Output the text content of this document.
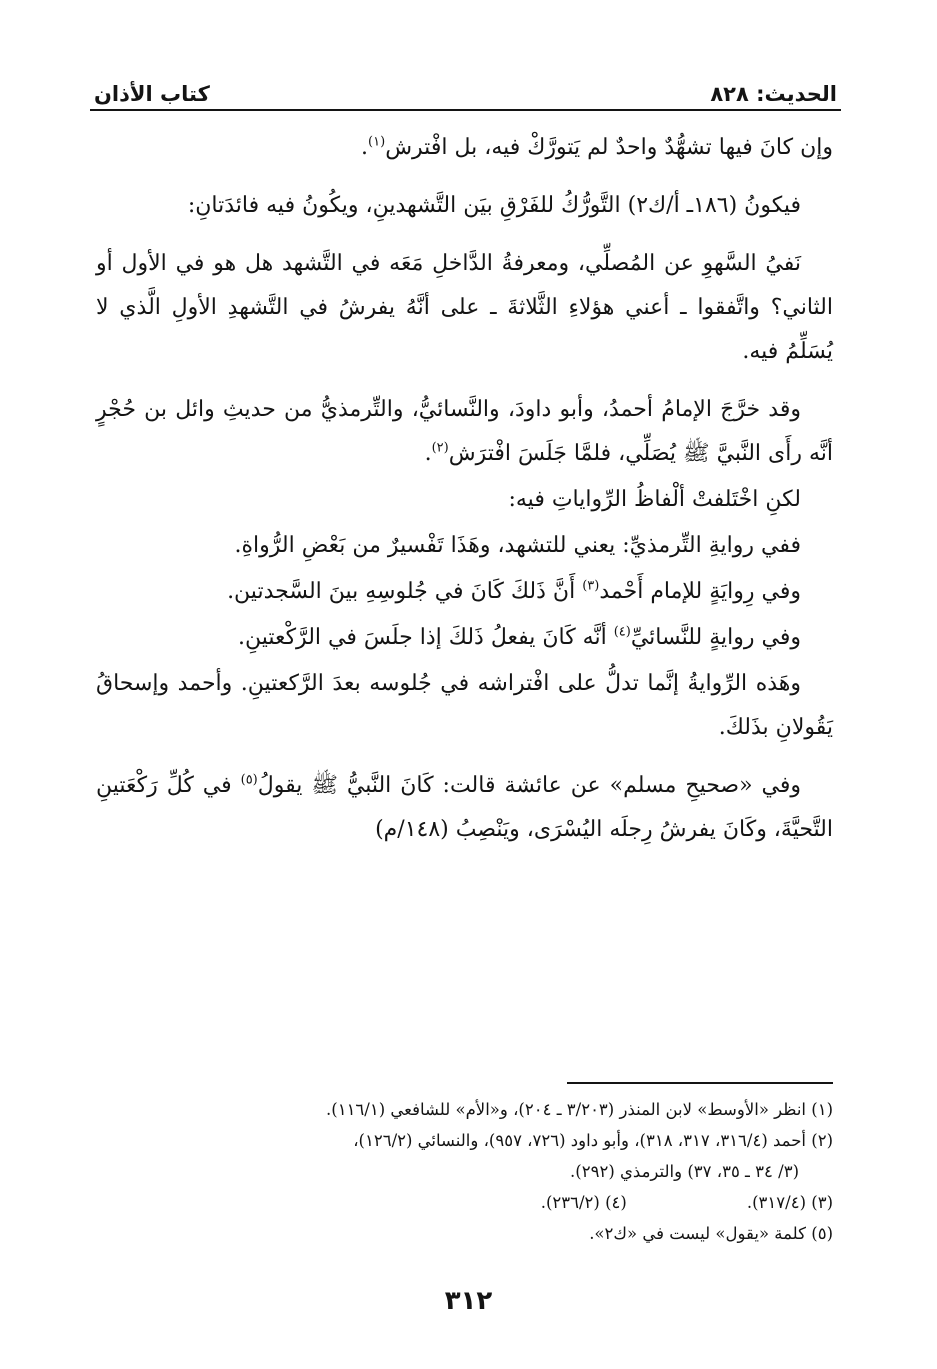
الحديث: ٨٢٨
كتاب الأذان

وإن كانَ فيها تشهُّدٌ واحدٌ لم يَتورَّكْ فيه، بل افْترش$^{(١)}$.

فيكونُ (١٨٦ـ أ/ك٢) التَّورُّكُ للفَرْقِ بيَن التَّشهدينِ، ويكُونُ فيه فائدَتانِ:

نَفيُ السَّهوِ عن المُصلِّي، ومعرفةُ الدَّاخلِ مَعَه في التَّشهد هل هو في الأول أو الثاني؟ واتَّفقوا ـ أعني هؤلاءِ الثَّلاثةَ ـ على أنَّهُ يفرشُ في التَّشهدِ الأولِ الَّذي لا يُسَلِّمُ فيه.

وقد خرَّجَ الإمامُ أحمدُ، وأبو داودَ، والنَّسائيُّ، والتِّرمذيُّ من حديثِ وائل بن حُجْرٍ أنَّه رأَى النَّبيَّ ﷺ يُصَلِّي، فلمَّا جَلَسَ افْترَش$^{(٢)}$.

لكنِ اخْتَلفتْ ألْفاظُ الرِّواياتِ فيه:

ففي روايةِ التِّرمذيِّ: يعني للتشهد، وهَذَا تَفْسيرٌ من بَعْضِ الرُّواةِ.

وفي رِوايَةٍ للإمام أَحْمد$^{(٣)}$ أَنَّ ذَلكَ كَانَ في جُلوسِهِ بينَ السَّجدتين.

وفي روايةٍ للنَّسائيِّ$^{(٤)}$ أنَّه كَانَ يفعلُ ذَلكَ إذا جلَسَ في الرَّكْعتينِ.

وهَذه الرِّوايةُ إنَّما تدلُّ على افْتراشه في جُلوسه بعدَ الرَّكعتينِ. وأحمد وإسحاقُ يَقُولانِ بذَلكَ.

وفي «صحيحِ مسلم» عن عائشة قالت: كَانَ النَّبيُّ ﷺ يقولُ$^{(٥)}$ في كُلِّ رَكْعَتينِ التَّحيَّةَ، وكَانَ يفرشُ رِجلَه اليُسْرَى، ويَنْصِبُ (١٤٨/م)

(١) انظر «الأوسط» لابن المنذر (٣/٢٠٣ ـ ٢٠٤)، و«الأم» للشافعي (١١٦/١).

(٢) أحمد (٣١٦/٤، ٣١٧، ٣١٨)، وأبو داود (٧٢٦، ٩٥٧)، والنسائي (١٢٦/٢)،

(٣/ ٣٤ ـ ٣٥، ٣٧) والترمذي (٢٩٢).

(٣) (٣١٧/٤).
(٤) (٢٣٦/٢).

(٥) كلمة «يقول» ليست في «ك٢».

٣١٢
